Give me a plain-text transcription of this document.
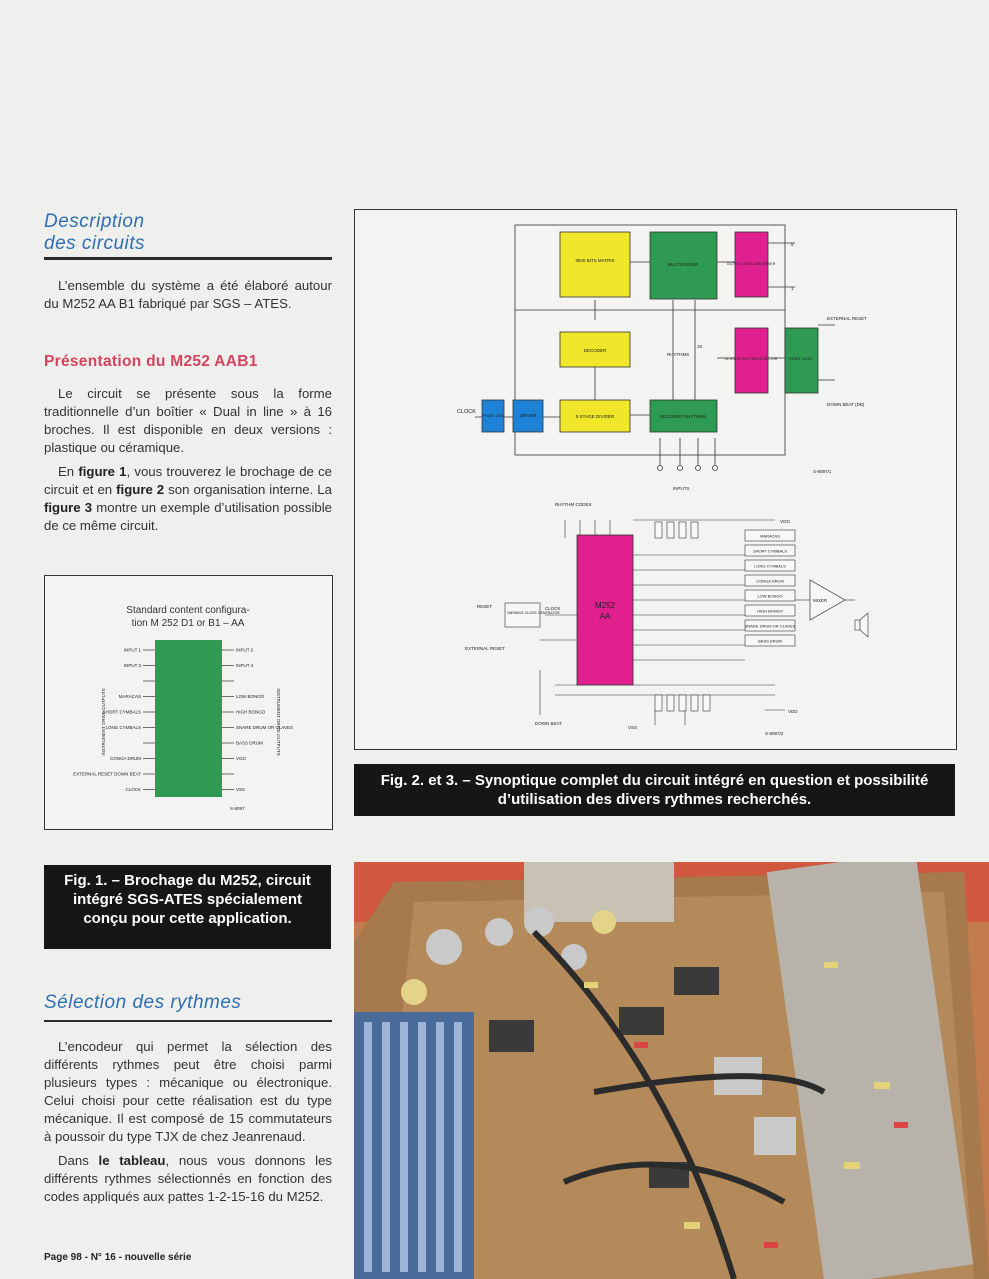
Description
des circuits

L’ensemble du système a été élaboré autour du M252 AA B1 fabriqué par SGS – ATES.

Présentation du M252 AAB1

Le circuit se présente sous la forme traditionnelle d’un boîtier « Dual in line » à 16 broches. Il est disponible en deux versions : plastique ou céramique.

En figure 1, vous trouverez le brochage de ce circuit et en figure 2 son organisation interne. La figure 3 montre un exemple d’utilisation possible de ce même circuit.

Standard content configura-
tion M 252 D1 or B1 – AA
INPUT 1
INPUT 3
MARACAS
SHORT CYMBALS
LONG CYMBALS
CONGA DRUM
EXTERNAL RESET DOWN BEAT
CLOCK
INPUT 2
INPUT 4
LOW BONGO
HIGH BONGO
SNARE DRUM OR CLAVES
BASS DRUM
VGG
VSS
INSTRUMENT DRIVE OUTPUTS	INSTRUMENT DRIVE OUTPUTS
S-8097
Fig. 1. – Brochage du M252, circuit intégré SGS-ATES spécialement conçu pour cette application.
Sélection des rythmes

L’encodeur qui permet la sélection des différents rythmes peut être choisi parmi plusieurs types : mécanique ou électronique. Celui choisi pour cette réalisation est du type mécanique. Il est composé de 15 commutateurs à poussoir du type TJX de chez Jeanrenaud.

Dans le tableau, nous vous donnons les différents rythmes sélectionnés en fonction des codes appliqués aux pattes 1-2-15-16 du M252.

Page 98 - N° 16 - nouvelle série
3840 BITS MATRIX
MULTIPLEXER	OUTPUT LOGIC AND DRIVER
DECODER
24 STAGE RHYTHM DETECTOR	RESET LOGIC
PHASE GEN	DRIVER	5 STAGE DIVIDER	DECODER RHYTHMS
CLOCK
RHYTHMS
15
8
1
EXTERNAL RESET
DOWN BEAT (DB)
INPUTS
S-8097/1
M252
AA
RHYTHM CODES
VGG
VARIABLE CLOCK GENERATOR
RESET	CLOCK
EXTERNAL RESET
DOWN BEAT
VSS
VDD
MARACAS
SHORT CYMBALS
LONG CYMBALS
CONGA DRUM
LOW BONGO
HIGH BONGO
SNARE DRUM OR CLAVES
BASS DRUM
MIXER
S-8097/2
Fig. 2. et 3. – Synoptique complet du circuit intégré en question et possibilité d’utilisation des divers rythmes recherchés.
